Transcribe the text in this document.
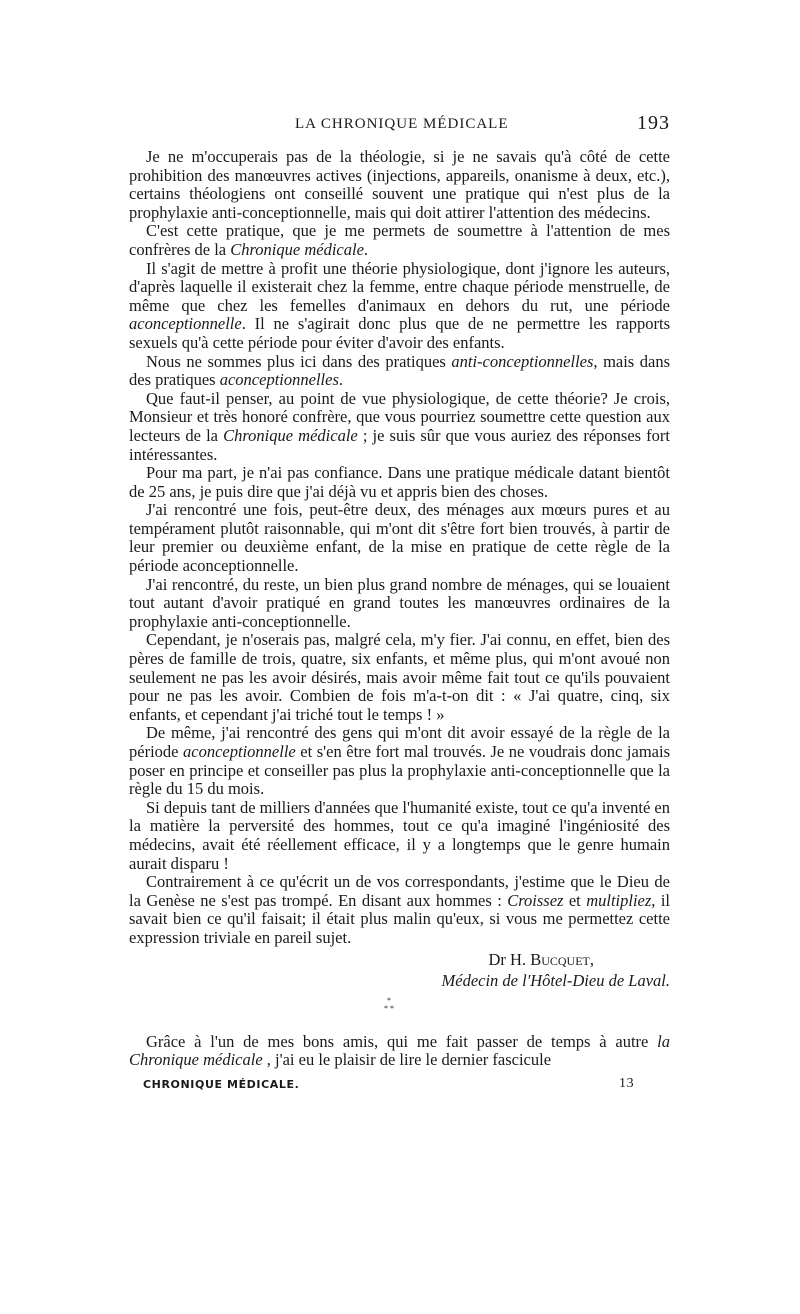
LA CHRONIQUE MÉDICALE	193

Je ne m'occuperais pas de la théologie, si je ne savais qu'à côté de cette prohibition des manœuvres actives (injections, appareils, onanisme à deux, etc.), certains théologiens ont conseillé souvent une pratique qui n'est plus de la prophylaxie anti-conceptionnelle, mais qui doit attirer l'attention des médecins.

C'est cette pratique, que je me permets de soumettre à l'attention de mes confrères de la Chronique médicale.

Il s'agit de mettre à profit une théorie physiologique, dont j'ignore les auteurs, d'après laquelle il existerait chez la femme, entre chaque période menstruelle, de même que chez les femelles d'animaux en dehors du rut, une période aconceptionnelle. Il ne s'agirait donc plus que de ne permettre les rapports sexuels qu'à cette période pour éviter d'avoir des enfants.

Nous ne sommes plus ici dans des pratiques anti-conceptionnelles, mais dans des pratiques aconceptionnelles.

Que faut-il penser, au point de vue physiologique, de cette théorie? Je crois, Monsieur et très honoré confrère, que vous pourriez soumettre cette question aux lecteurs de la Chronique médicale ; je suis sûr que vous auriez des réponses fort intéressantes.

Pour ma part, je n'ai pas confiance. Dans une pratique médicale datant bientôt de 25 ans, je puis dire que j'ai déjà vu et appris bien des choses.

J'ai rencontré une fois, peut-être deux, des ménages aux mœurs pures et au tempérament plutôt raisonnable, qui m'ont dit s'être fort bien trouvés, à partir de leur premier ou deuxième enfant, de la mise en pratique de cette règle de la période aconceptionnelle.

J'ai rencontré, du reste, un bien plus grand nombre de ménages, qui se louaient tout autant d'avoir pratiqué en grand toutes les manœuvres ordinaires de la prophylaxie anti-conceptionnelle.

Cependant, je n'oserais pas, malgré cela, m'y fier. J'ai connu, en effet, bien des pères de famille de trois, quatre, six enfants, et même plus, qui m'ont avoué non seulement ne pas les avoir désirés, mais avoir même fait tout ce qu'ils pouvaient pour ne pas les avoir. Combien de fois m'a-t-on dit : « J'ai quatre, cinq, six enfants, et cependant j'ai triché tout le temps ! »

De même, j'ai rencontré des gens qui m'ont dit avoir essayé de la règle de la période aconceptionnelle et s'en être fort mal trouvés. Je ne voudrais donc jamais poser en principe et conseiller pas plus la prophylaxie anti-conceptionnelle que la règle du 15 du mois.

Si depuis tant de milliers d'années que l'humanité existe, tout ce qu'a inventé en la matière la perversité des hommes, tout ce qu'a imaginé l'ingéniosité des médecins, avait été réellement efficace, il y a longtemps que le genre humain aurait disparu !

Contrairement à ce qu'écrit un de vos correspondants, j'estime que le Dieu de la Genèse ne s'est pas trompé. En disant aux hommes : Croissez et multipliez, il savait bien ce qu'il faisait; il était plus malin qu'eux, si vous me permettez cette expression triviale en pareil sujet.

Dr H. Bucquet,
Médecin de l'Hôtel-Dieu de Laval.
*
* *

Grâce à l'un de mes bons amis, qui me fait passer de temps à autre la Chronique médicale , j'ai eu le plaisir de lire le dernier fascicule

CHRONIQUE MÉDICALE.	13
